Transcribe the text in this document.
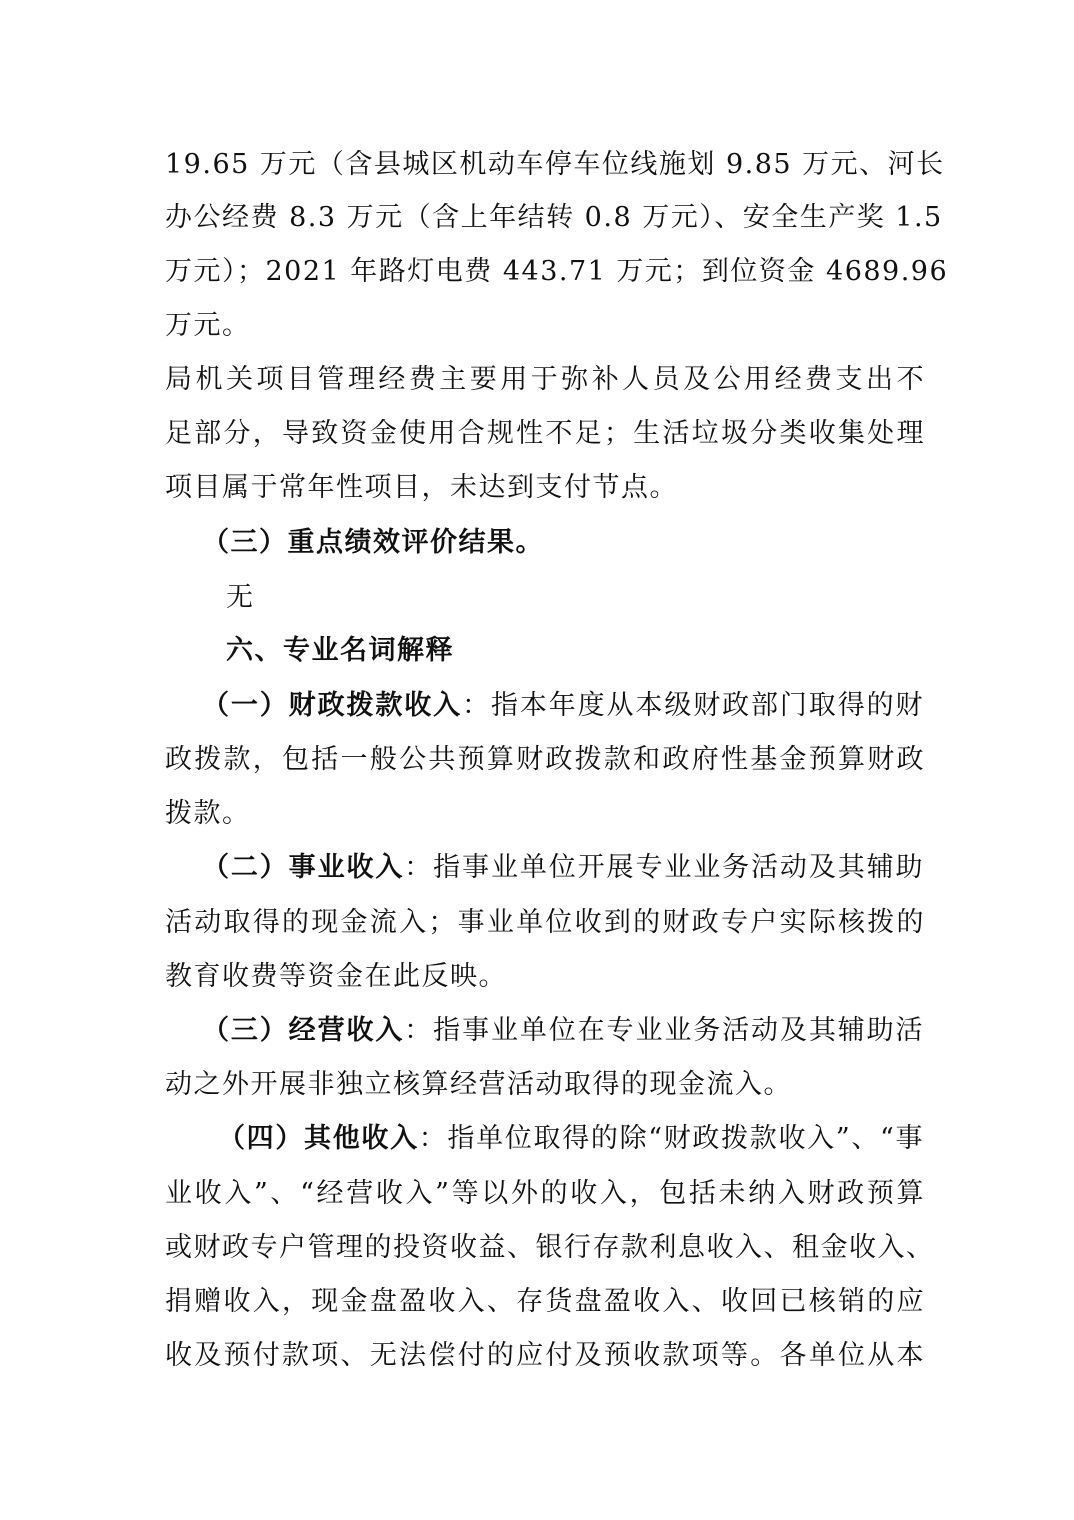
19.65 万元（含县城区机动车停车位线施划 9.85 万元、河长
办公经费 8.3 万元（含上年结转 0.8 万元）、安全生产奖 1.5
万元）；2021 年路灯电费 443.71 万元；到位资金 4689.96
万元。
局机关项目管理经费主要用于弥补人员及公用经费支出不
足部分，导致资金使用合规性不足；生活垃圾分类收集处理
项目属于常年性项目，未达到支付节点。
（三）重点绩效评价结果。
无
六、专业名词解释
（一）财政拨款收入：指本年度从本级财政部门取得的财
政拨款，包括一般公共预算财政拨款和政府性基金预算财政
拨款。
（二）事业收入：指事业单位开展专业业务活动及其辅助
活动取得的现金流入；事业单位收到的财政专户实际核拨的
教育收费等资金在此反映。
（三）经营收入：指事业单位在专业业务活动及其辅助活
动之外开展非独立核算经营活动取得的现金流入。
（四）其他收入：指单位取得的除“财政拨款收入”、“事
业收入”、“经营收入”等以外的收入，包括未纳入财政预算
或财政专户管理的投资收益、银行存款利息收入、租金收入、
捐赠收入，现金盘盈收入、存货盘盈收入、收回已核销的应
收及预付款项、无法偿付的应付及预收款项等。各单位从本
